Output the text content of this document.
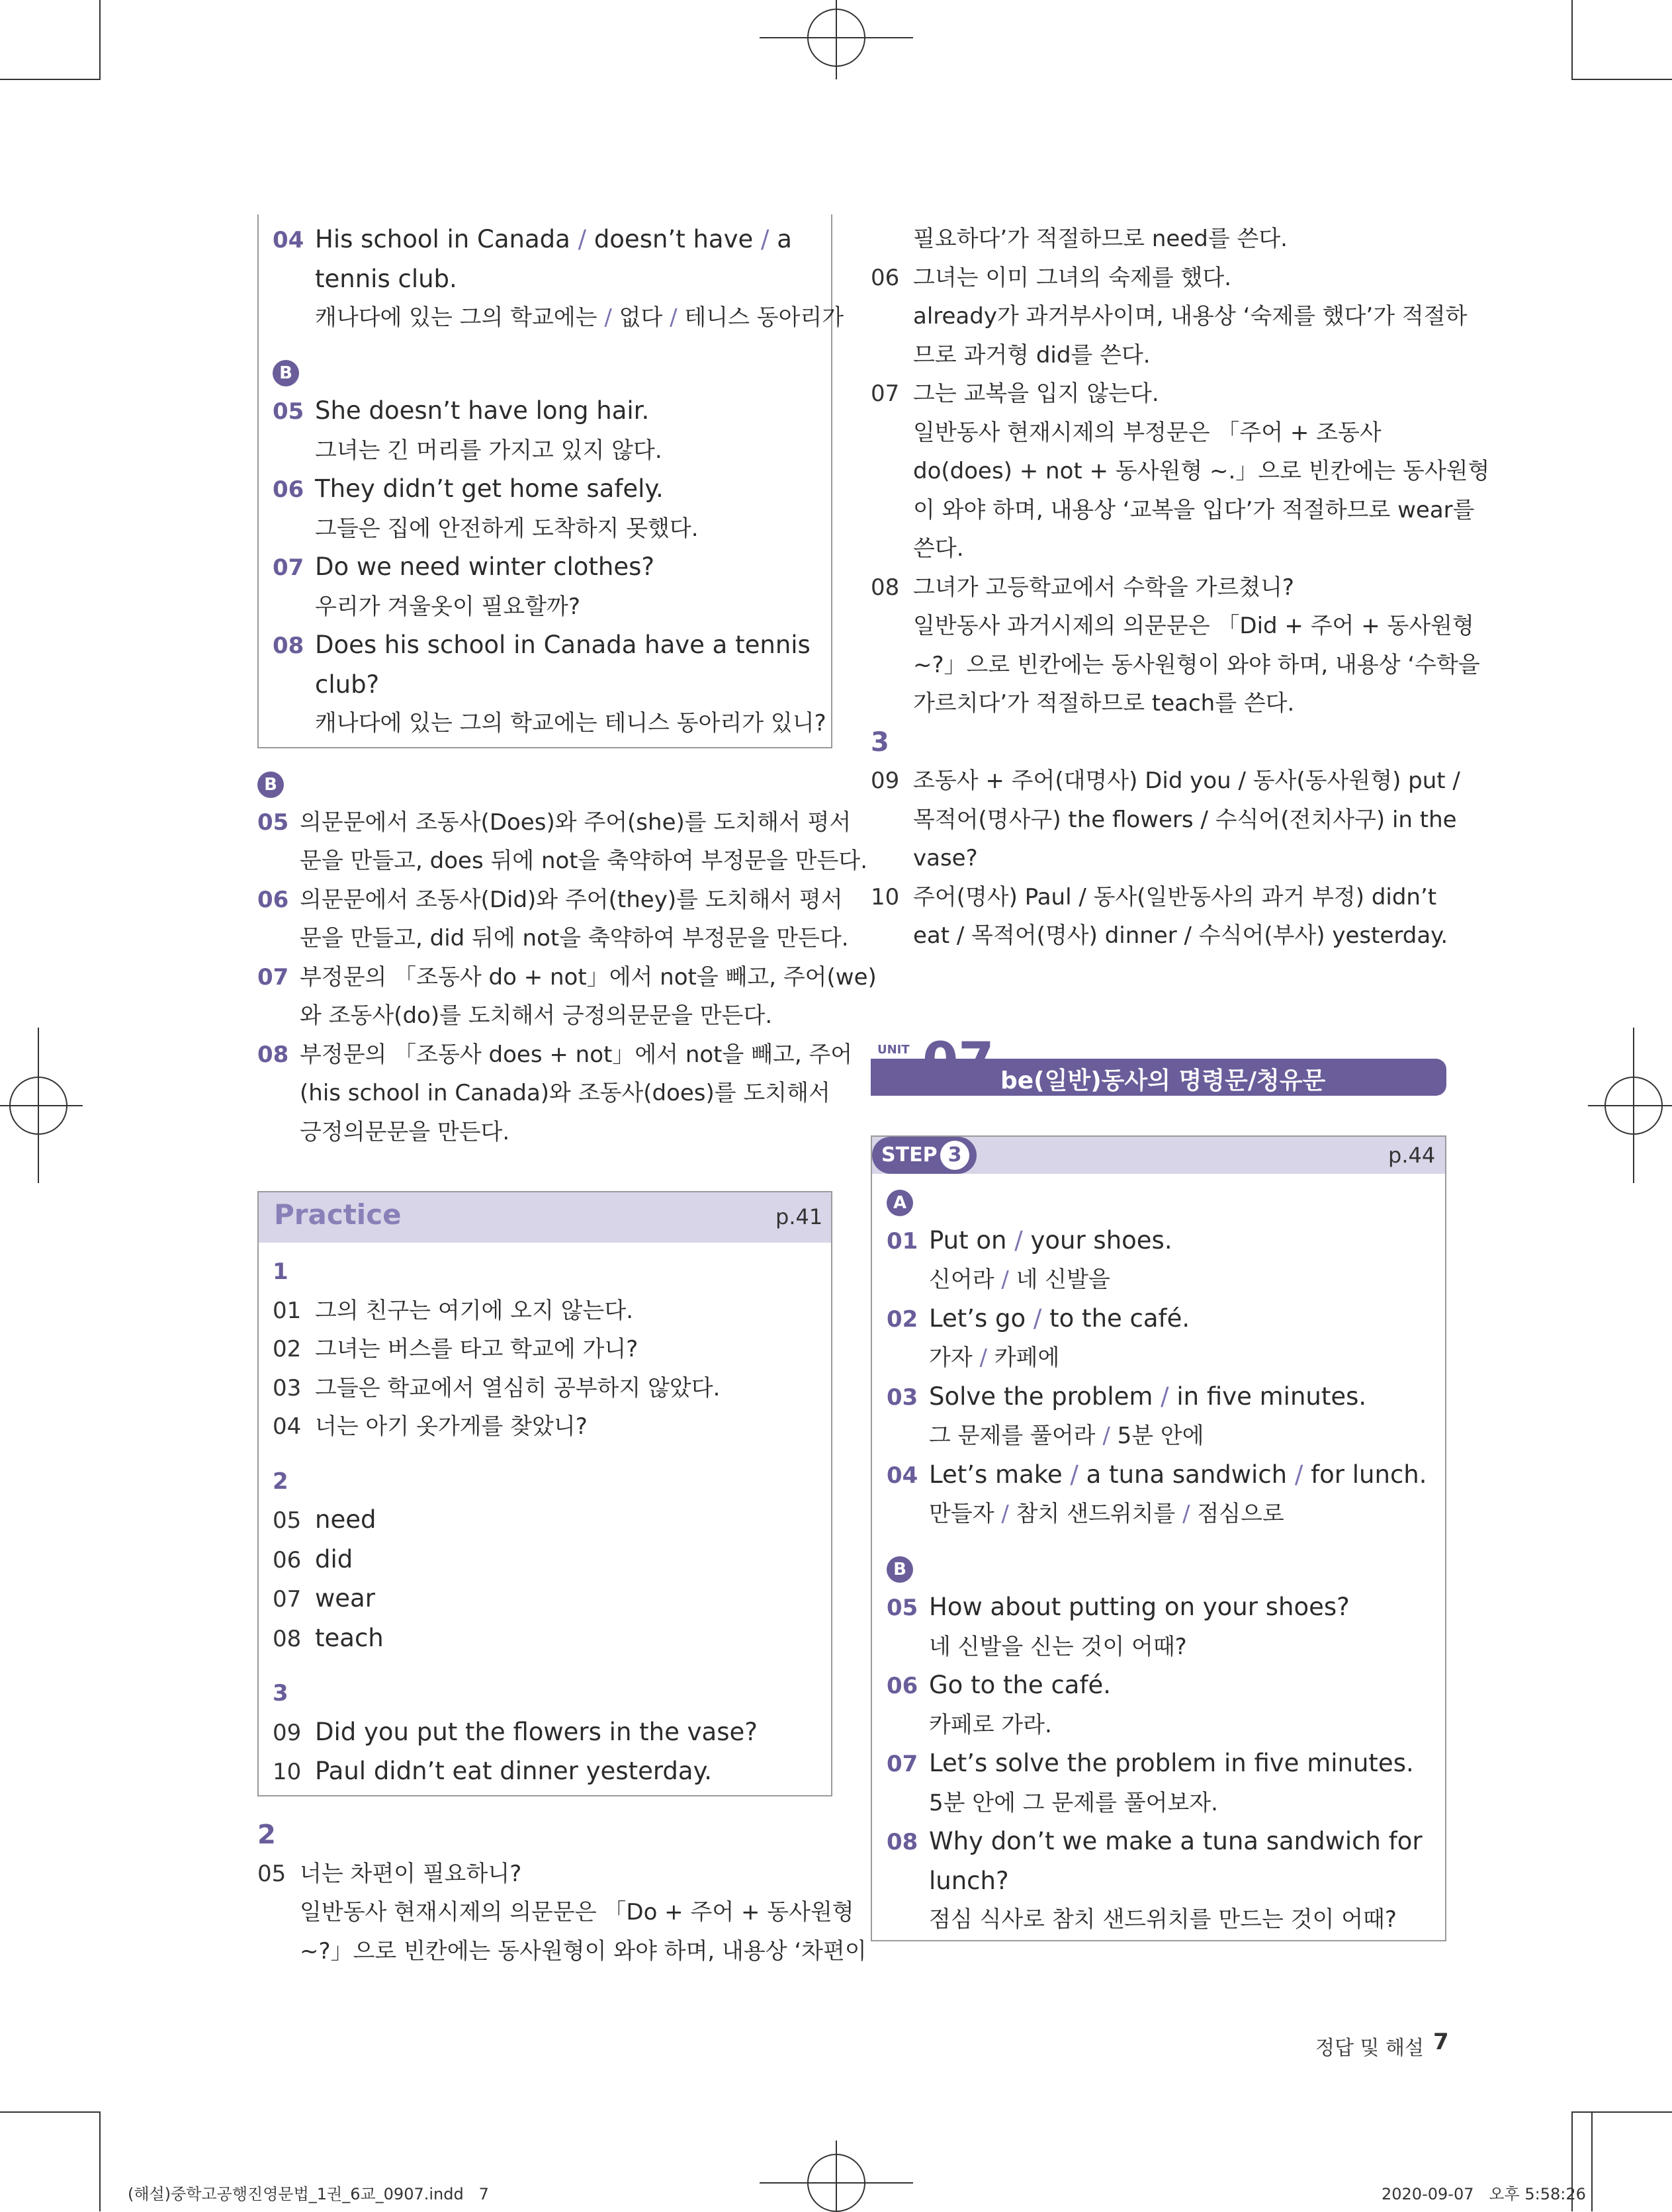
04 His school in Canada / doesn’t have / a
tennis club.
캐나다에 있는 그의 학교에는 / 없다 / 테니스 동아리가
B
05 She doesn’t have long hair.
그녀는 긴 머리를 가지고 있지 않다.
06 They didn’t get home safely.
그들은 집에 안전하게 도착하지 못했다.
07 Do we need winter clothes?
우리가 겨울옷이 필요할까?
08 Does his school in Canada have a tennis
club?
캐나다에 있는 그의 학교에는 테니스 동아리가 있니?
B
05 의문문에서 조동사(Does)와 주어(she)를 도치해서 평서
문을 만들고, does 뒤에 not을 축약하여 부정문을 만든다.
06 의문문에서 조동사(Did)와 주어(they)를 도치해서 평서
문을 만들고, did 뒤에 not을 축약하여 부정문을 만든다.
07 부정문의 「조동사 do + not」에서 not을 빼고, 주어(we)
와 조동사(do)를 도치해서 긍정의문문을 만든다.
08 부정문의 「조동사 does + not」에서 not을 빼고, 주어
(his school in Canada)와 조동사(does)를 도치해서
긍정의문문을 만든다.
Practice	p.41
1
01 그의 친구는 여기에 오지 않는다.
02 그녀는 버스를 타고 학교에 가니?
03 그들은 학교에서 열심히 공부하지 않았다.
04 너는 아기 옷가게를 찾았니?
2
05 need
06 did
07 wear
08 teach
3
09 Did you put the flowers in the vase?
10 Paul didn’t eat dinner yesterday.
2
05 너는 차편이 필요하니?
일반동사 현재시제의 의문문은 「Do + 주어 + 동사원형
~?」으로 빈칸에는 동사원형이 와야 하며, 내용상 ‘차편이
필요하다’가 적절하므로 need를 쓴다.
06 그녀는 이미 그녀의 숙제를 했다.
already가 과거부사이며, 내용상 ‘숙제를 했다’가 적절하
므로 과거형 did를 쓴다.
07 그는 교복을 입지 않는다.
일반동사 현재시제의 부정문은 「주어 + 조동사
do(does) + not + 동사원형 ~.」으로 빈칸에는 동사원형
이 와야 하며, 내용상 ‘교복을 입다’가 적절하므로 wear를
쓴다.
08 그녀가 고등학교에서 수학을 가르쳤니?
일반동사 과거시제의 의문문은 「Did + 주어 + 동사원형
~?」으로 빈칸에는 동사원형이 와야 하며, 내용상 ‘수학을
가르치다’가 적절하므로 teach를 쓴다.
3
09 조동사 + 주어(대명사) Did you / 동사(동사원형) put /
목적어(명사구) the flowers / 수식어(전치사구) in the
vase?
10 주어(명사) Paul / 동사(일반동사의 과거 부정) didn’t
eat / 목적어(명사) dinner / 수식어(부사) yesterday.
UNIT 07 be(일반)동사의 명령문/청유문
STEP 3	p.44
A
01 Put on / your shoes.
신어라 / 네 신발을
02 Let’s go / to the café.
가자 / 카페에
03 Solve the problem / in five minutes.
그 문제를 풀어라 / 5분 안에
04 Let’s make / a tuna sandwich / for lunch.
만들자 / 참치 샌드위치를 / 점심으로
B
05 How about putting on your shoes?
네 신발을 신는 것이 어때?
06 Go to the café.
카페로 가라.
07 Let’s solve the problem in five minutes.
5분 안에 그 문제를 풀어보자.
08 Why don’t we make a tuna sandwich for
lunch?
점심 식사로 참치 샌드위치를 만드는 것이 어때?
정답 및 해설 7
(해설)중학고공행진영문법_1권_6교_0907.indd   7	2020-09-07   오후 5:58:26
